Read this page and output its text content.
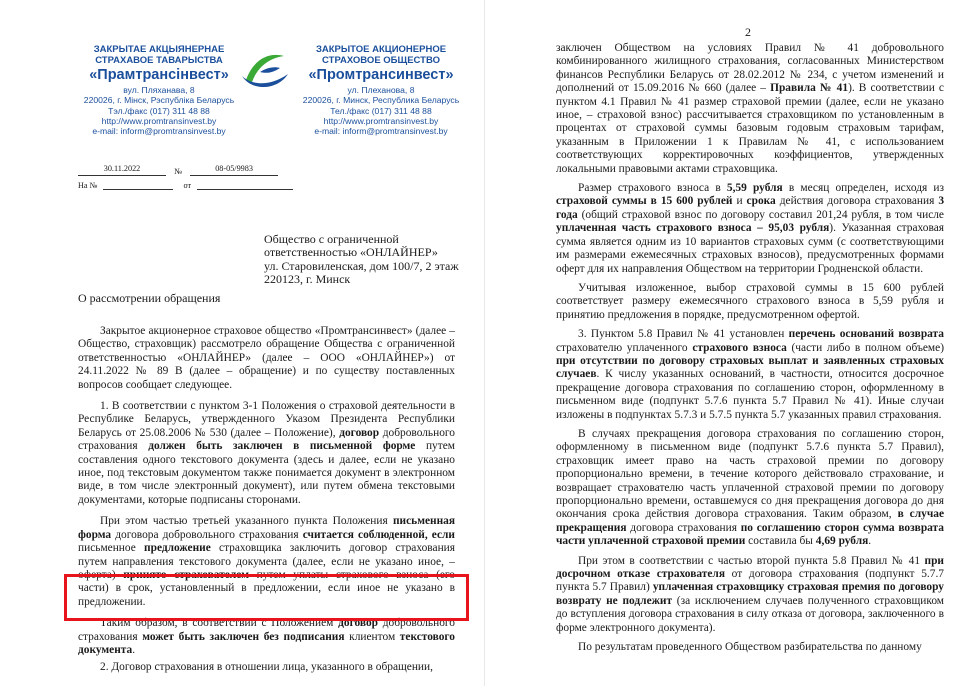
ЗАКРЫТАЕ АКЦЫЯНЕРНАЕ
СТРАХАВОЕ ТАВАРЫСТВА
«Прамтрансінвест»
вул. Пляханава, 8
220026, г. Мінск, Рэспубліка Беларусь
Тэл./факс (017) 311 48 88
http://www.promtransinvest.by
e-mail: inform@promtransinvest.by
ЗАКРЫТОЕ АКЦИОНЕРНОЕ
СТРАХОВОЕ ОБЩЕСТВО
«Промтрансинвест»
ул. Плеханова, 8
220026, г. Минск, Республика Беларусь
Тел./факс (017) 311 48 88
http://www.promtransinvest.by
e-mail: inform@promtransinvest.by
30.11.2022	№	08-05/9983
На №	от
Общество с ограниченной
ответственностью «ОНЛАЙНЕР»
ул. Старовиленская, дом 100/7, 2 этаж
220123, г. Минск
О рассмотрении обращения

Закрытое акционерное страховое общество «Промтрансинвест» (далее – Общество, страховщик) рассмотрело обращение Общества с ограниченной ответственностью «ОНЛАЙНЕР» (далее – ООО «ОНЛАЙНЕР») от 24.11.2022 № 89 В (далее – обращение) и по существу поставленных вопросов сообщает следующее.

1. В соответствии с пунктом 3-1 Положения о страховой деятельности в Республике Беларусь, утвержденного Указом Президента Республики Беларусь от 25.08.2006 № 530 (далее – Положение), договор добровольного страхования должен быть заключен в письменной форме путем составления одного текстового документа (здесь и далее, если не указано иное, под текстовым документом также понимается документ в электронном виде, в том числе электронный документ), или путем обмена текстовыми документами, которые подписаны сторонами.

При этом частью третьей указанного пункта Положения письменная форма договора добровольного страхования считается соблюденной, если письменное предложение страховщика заключить договор страхования путем направления текстового документа (далее, если не указано иное, – оферта) принято страхователем путем уплаты страхового взноса (его части) в срок, установленный в предложении, если иное не указано в предложении.

Таким образом, в соответствии с Положением договор добровольного страхования может быть заключен без подписания клиентом текстового документа.

2. Договор страхования в отношении лица, указанного в обращении,

2

заключен Обществом на условиях Правил № 41 добровольного комбинированного жилищного страхования, согласованных Министерством финансов Республики Беларусь от 28.02.2012 № 234, с учетом изменений и дополнений от 15.09.2016 № 660 (далее – Правила № 41). В соответствии с пунктом 4.1 Правил № 41 размер страховой премии (далее, если не указано иное, – страховой взнос) рассчитывается страховщиком по установленным в процентах от страховой суммы базовым годовым страховым тарифам, указанным в Приложении 1 к Правилам № 41, с использованием соответствующих корректировочных коэффициентов, утвержденных локальными правовыми актами страховщика.

Размер страхового взноса в 5,59 рубля в месяц определен, исходя из страховой суммы в 15 600 рублей и срока действия договора страхования 3 года (общий страховой взнос по договору составил 201,24 рубля, в том числе уплаченная часть страхового взноса – 95,03 рубля). Указанная страховая сумма является одним из 10 вариантов страховых сумм (с соответствующими им размерами ежемесячных страховых взносов), предусмотренных формами оферт для их направления Обществом на территории Гродненской области.

Учитывая изложенное, выбор страховой суммы в 15 600 рублей соответствует размеру ежемесячного страхового взноса в 5,59 рубля и принятию предложения в порядке, предусмотренном офертой.

3. Пунктом 5.8 Правил № 41 установлен перечень оснований возврата страхователю уплаченного страхового взноса (части либо в полном объеме) при отсутствии по договору страховых выплат и заявленных страховых случаев. К числу указанных оснований, в частности, относится досрочное прекращение договора страхования по соглашению сторон, оформленному в письменном виде (подпункт 5.7.6 пункта 5.7 Правил № 41). Иные случаи изложены в подпунктах 5.7.3 и 5.7.5 пункта 5.7 указанных правил страхования.

В случаях прекращения договора страхования по соглашению сторон, оформленному в письменном виде (подпункт 5.7.6 пункта 5.7 Правил), страховщик имеет право на часть страховой премии по договору пропорционально времени, в течение которого действовало страхование, и возвращает страхователю часть уплаченной страховой премии по договору пропорционально времени, оставшемуся со дня прекращения договора до дня окончания срока действия договора страхования. Таким образом, в случае прекращения договора страхования по соглашению сторон сумма возврата части уплаченной страховой премии составила бы 4,69 рубля.

При этом в соответствии с частью второй пункта 5.8 Правил № 41 при досрочном отказе страхователя от договора страхования (подпункт 5.7.7 пункта 5.7 Правил) уплаченная страховщику страховая премия по договору возврату не подлежит (за исключением случаев полученного страховщиком до вступления договора страхования в силу отказа от договора, заключенного в форме электронного документа).

По результатам проведенного Обществом разбирательства по данному
